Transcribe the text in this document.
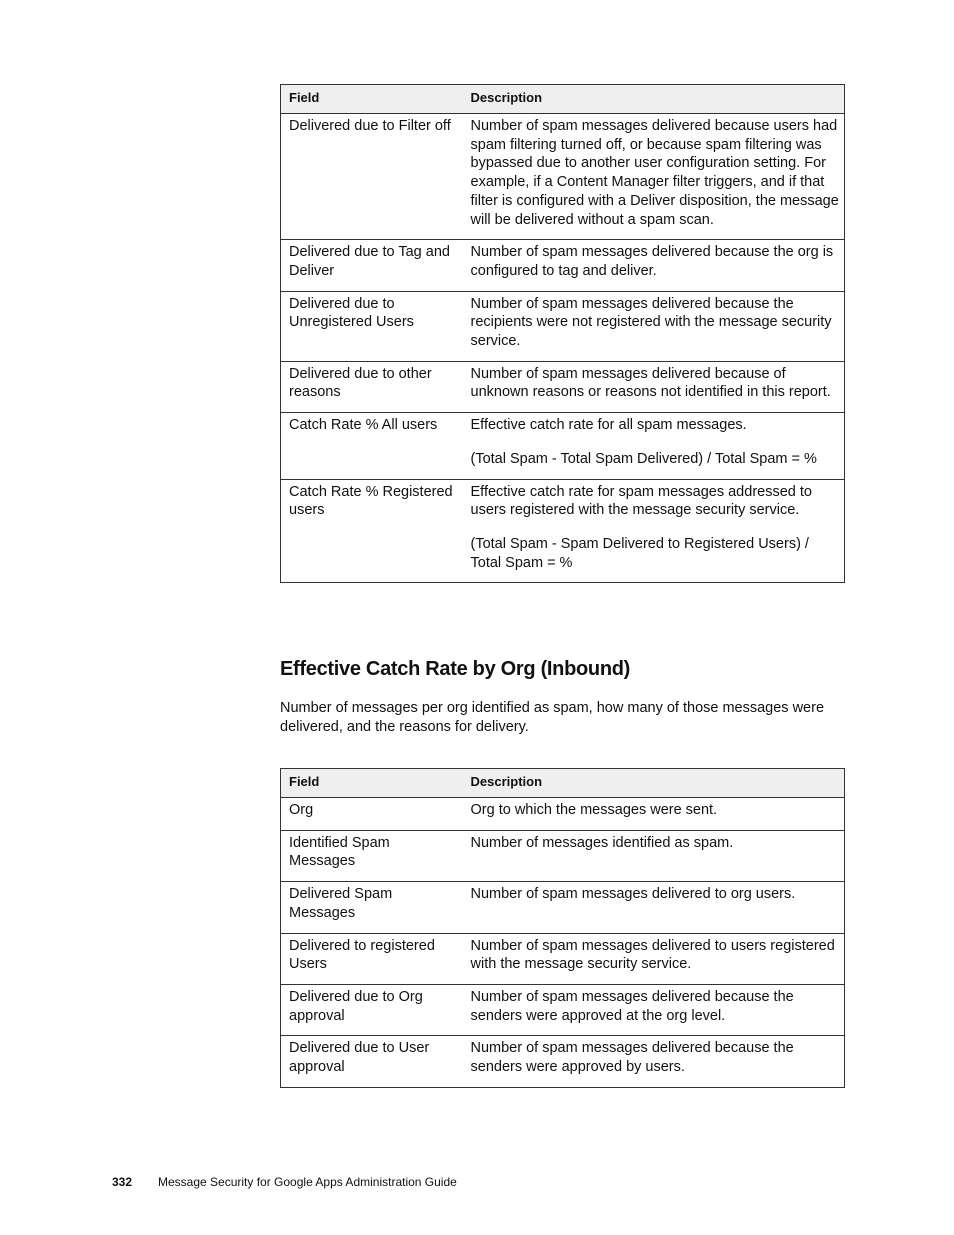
Field	Description
Delivered due to Filter off	Number of spam messages delivered because users had spam filtering turned off, or because spam filtering was bypassed due to another user configuration setting. For example, if a Content Manager filter triggers, and if that filter is configured with a Deliver disposition, the message will be delivered without a spam scan.

Delivered due to Tag and Deliver	Number of spam messages delivered because the org is configured to tag and deliver.

Delivered due to Unregistered Users	Number of spam messages delivered because the recipients were not registered with the message security service.

Delivered due to other reasons	Number of spam messages delivered because of unknown reasons or reasons not identified in this report.

Catch Rate % All users	Effective catch rate for all spam messages.

(Total Spam - Total Spam Delivered) / Total Spam = %

Catch Rate % Registered users	Effective catch rate for spam messages addressed to users registered with the message security service.

(Total Spam - Spam Delivered to Registered Users) / Total Spam = %

Effective Catch Rate by Org (Inbound)

Number of messages per org identified as spam, how many of those messages were delivered, and the reasons for delivery.

Field	Description
Org	Org to which the messages were sent.

Identified Spam Messages	Number of messages identified as spam.

Delivered Spam Messages	Number of spam messages delivered to org users.

Delivered to registered Users	Number of spam messages delivered to users registered with the message security service.

Delivered due to Org approval	Number of spam messages delivered because the senders were approved at the org level.

Delivered due to User approval	Number of spam messages delivered because the senders were approved by users.

332 Message Security for Google Apps Administration Guide
